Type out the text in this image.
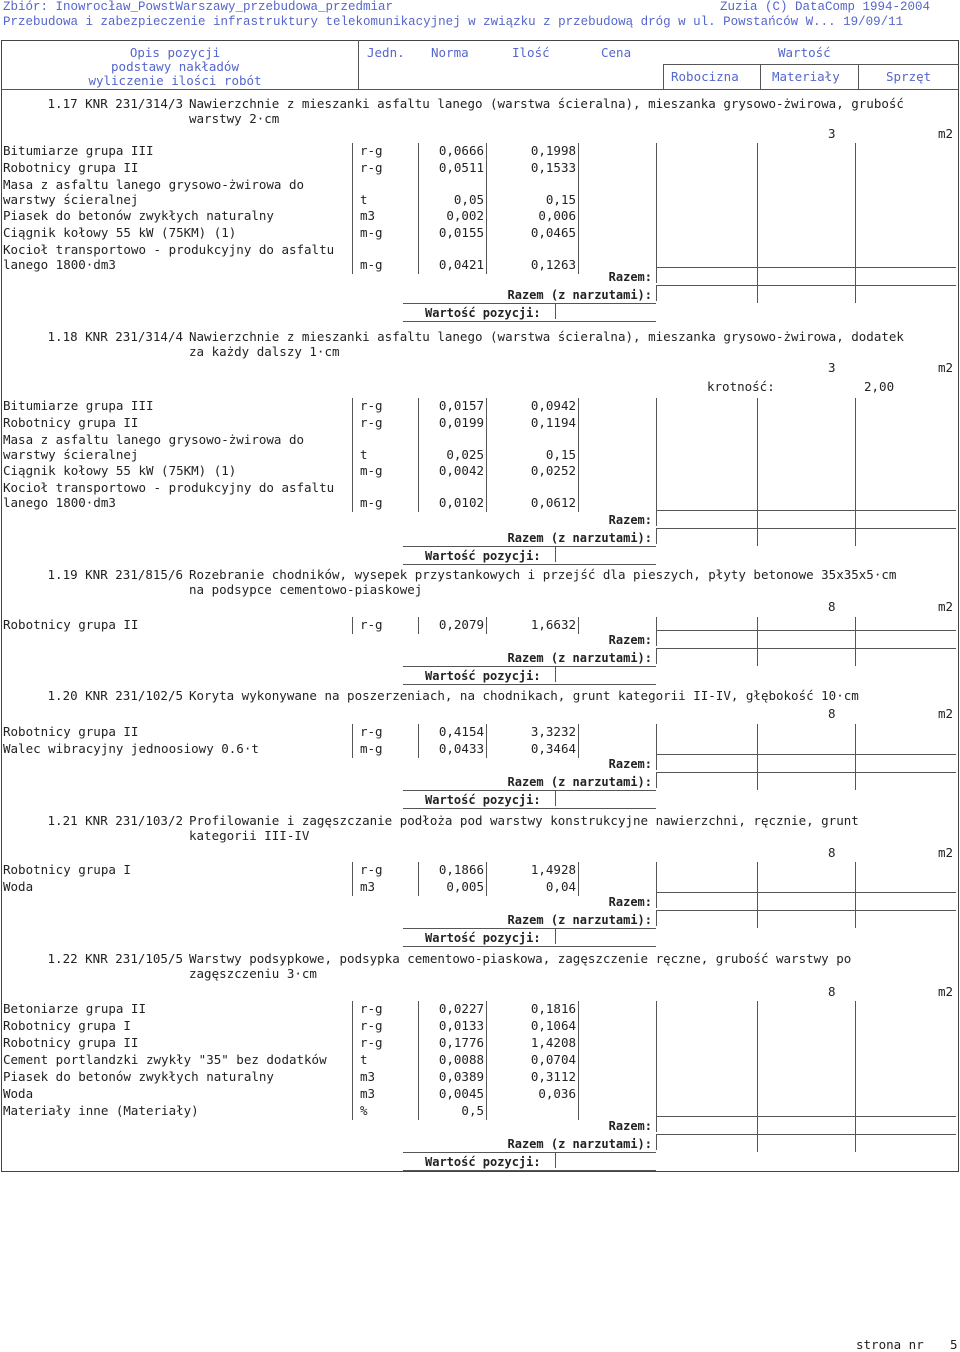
Zbiór: Inowrocław_PowstWarszawy_przebudowa_przedmiar	Zuzia (C) DataComp 1994-2004
Przebudowa i zabezpieczenie infrastruktury telekomunikacyjnej w związku z przebudową dróg w ul. Powstańców W... 19/09/11
Opis pozycji
podstawy nakładów
wyliczenie ilości robót
Jedn. Norma	Ilość	Cena	Wartość
Robocizna	Materiały	Sprzęt
1.17 KNR 231/314/3 Nawierzchnie z mieszanki asfaltu lanego (warstwa ścieralna), mieszanka grysowo-żwirowa, grubość
warstwy 2·cm
3	m2
Bitumiarze grupa III	r-g	0,0666	0,1998
Robotnicy grupa II	r-g	0,0511	0,1533
Masa z asfaltu lanego grysowo-żwirowa do
warstwy ścieralnej	t	0,05	0,15
Piasek do betonów zwykłych naturalny	m3	0,002	0,006
Ciągnik kołowy 55 kW (75KM) (1)	m-g	0,0155	0,0465
Kocioł transportowo - produkcyjny do asfaltu
lanego 1800·dm3	m-g	0,0421	0,1263
Razem:
Razem (z narzutami):
Wartość pozycji:
1.18 KNR 231/314/4 Nawierzchnie z mieszanki asfaltu lanego (warstwa ścieralna), mieszanka grysowo-żwirowa, dodatek
za każdy dalszy 1·cm
3	m2
krotność:	2,00
Bitumiarze grupa III	r-g	0,0157	0,0942
Robotnicy grupa II	r-g	0,0199	0,1194
Masa z asfaltu lanego grysowo-żwirowa do
warstwy ścieralnej	t	0,025	0,15
Ciągnik kołowy 55 kW (75KM) (1)	m-g	0,0042	0,0252
Kocioł transportowo - produkcyjny do asfaltu
lanego 1800·dm3	m-g	0,0102	0,0612
Razem:
Razem (z narzutami):
Wartość pozycji:
1.19 KNR 231/815/6 Rozebranie chodników, wysepek przystankowych i przejść dla pieszych, płyty betonowe 35x35x5·cm
na podsypce cementowo-piaskowej
8	m2
Robotnicy grupa II	r-g	0,2079	1,6632
Razem:
Razem (z narzutami):
Wartość pozycji:
1.20 KNR 231/102/5 Koryta wykonywane na poszerzeniach, na chodnikach, grunt kategorii II-IV, głębokość 10·cm
8	m2
Robotnicy grupa II	r-g	0,4154	3,3232
Walec wibracyjny jednoosiowy 0.6·t	m-g	0,0433	0,3464
Razem:
Razem (z narzutami):
Wartość pozycji:
1.21 KNR 231/103/2 Profilowanie i zagęszczanie podłoża pod warstwy konstrukcyjne nawierzchni, ręcznie, grunt
kategorii III-IV
8	m2
Robotnicy grupa I	r-g	0,1866	1,4928
Woda	m3	0,005	0,04
Razem:
Razem (z narzutami):
Wartość pozycji:
1.22 KNR 231/105/5 Warstwy podsypkowe, podsypka cementowo-piaskowa, zagęszczenie ręczne, grubość warstwy po
zagęszczeniu 3·cm
8	m2
Betoniarze grupa II	r-g	0,0227	0,1816
Robotnicy grupa I	r-g	0,0133	0,1064
Robotnicy grupa II	r-g	0,1776	1,4208
Cement portlandzki zwykły "35" bez dodatków	t	0,0088	0,0704
Piasek do betonów zwykłych naturalny	m3	0,0389	0,3112
Woda	m3	0,0045	0,036
Materiały inne (Materiały)	%	0,5
Razem:
Razem (z narzutami):
Wartość pozycji:
strona nr 5
